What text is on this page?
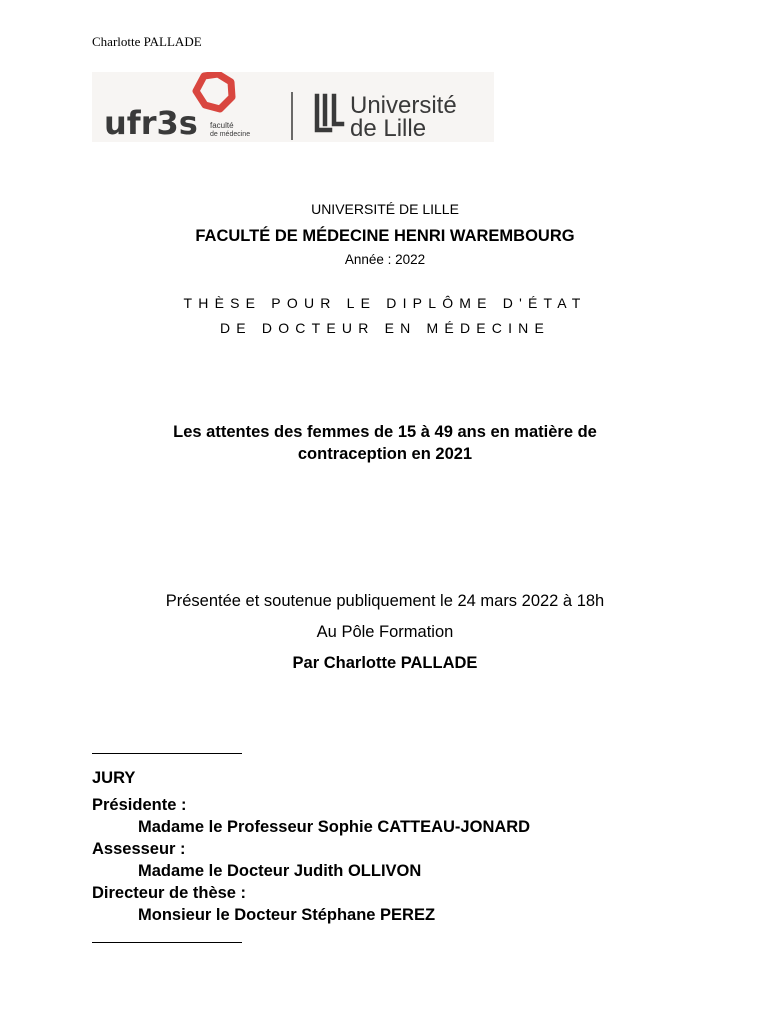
Charlotte PALLADE
ufr3s faculté
de médecine
Université
de Lille
UNIVERSITÉ DE LILLE
FACULTÉ DE MÉDECINE HENRI WAREMBOURG
Année : 2022
THÈSE POUR LE DIPLÔME D'ÉTAT
DE DOCTEUR EN MÉDECINE
Les attentes des femmes de 15 à 49 ans en matière de
contraception en 2021
Présentée et soutenue publiquement le 24 mars 2022 à 18h
Au Pôle Formation
Par Charlotte PALLADE
JURY
Présidente :
Madame le Professeur Sophie CATTEAU-JONARD
Assesseur :
Madame le Docteur Judith OLLIVON
Directeur de thèse :
Monsieur le Docteur Stéphane PEREZ
